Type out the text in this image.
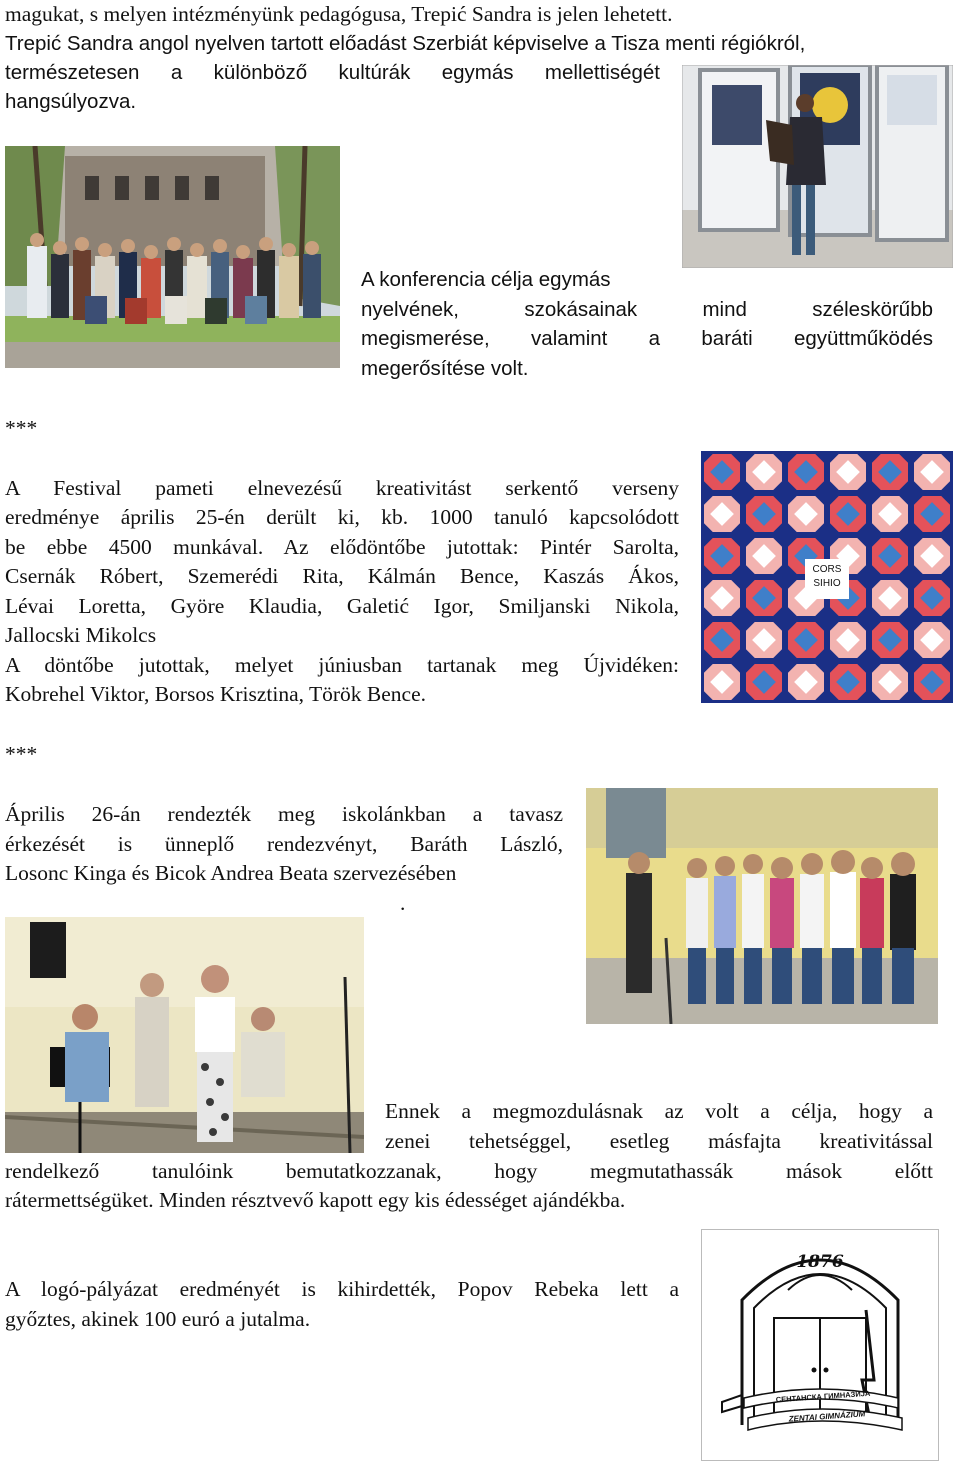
magukat, s melyen intézményünk pedagógusa, Trepić Sandra is jelen lehetett.

Trepić Sandra angol nyelven tartott előadást Szerbiát képviselve a Tisza menti régiókról,

természetesen a különböző kultúrák egymás mellettiségét

hangsúlyozva.

A konferencia célja egymás

nyelvének, szokásainak mind széleskörűbb

megismerése, valamint a baráti együttműködés

megerősítése volt.

***

A Festival pameti elnevezésű kreativitást serkentő verseny

eredménye április 25-én derült ki, kb. 1000 tanuló kapcsolódott

be ebbe 4500 munkával. Az elődöntőbe jutottak: Pintér Sarolta,

Csernák Róbert, Szemerédi Rita, Kálmán Bence, Kaszás Ákos,

Lévai Loretta, Györe Klaudia, Galetić Igor, Smiljanski Nikola,

Jallocski Mikolcs

A döntőbe jutottak, melyet júniusban tartanak meg Újvidéken:

Kobrehel Viktor, Borsos Krisztina, Török Bence.

CORS SIHIO

***

Április 26-án rendezték meg iskolánkban a tavasz

érkezését is ünneplő rendezvényt, Baráth László,

Losonc Kinga és Bicok Andrea Beata szervezésében

.

Ennek a megmozdulásnak az volt a célja, hogy a

zenei tehetséggel, esetleg másfajta kreativitással

rendelkező tanulóink bemutatkozzanak, hogy megmutathassák mások előtt

rátermettségüket. Minden résztvevő kapott egy kis édességet ajándékba.

A logó-pályázat eredményét is kihirdették, Popov Rebeka lett a

győztes, akinek 100 euró a jutalma.

1876
СЕНТАНСКА ГИМНАЗИЈА
ZENTAI GIMNÁZIUM
